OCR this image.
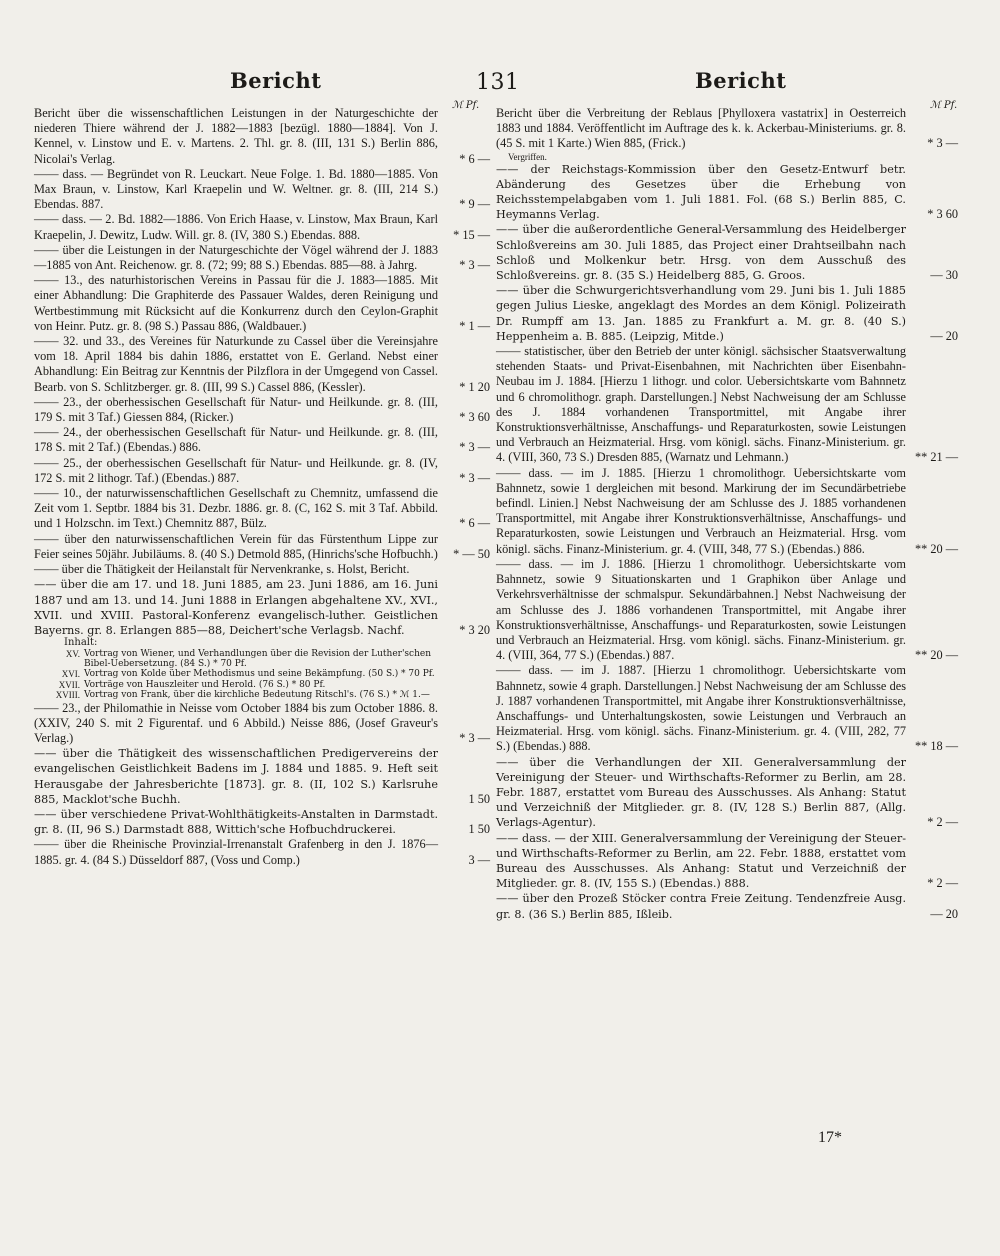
Bericht	131	Bericht
ℳ Pf.	ℳ Pf.
Bericht über die wissenschaftlichen Leistungen in der Naturgeschichte der niederen Thiere während der J. 1882—1883 [bezügl. 1880—1884]. Von J. Kennel, v. Linstow und E. v. Martens. 2. Thl. gr. 8. (III, 131 S.) Berlin 886, Nicolai's Verlag.	* 6 —
—— dass. — Begründet von R. Leuckart. Neue Folge. 1. Bd. 1880—1885. Von Max Braun, v. Linstow, Karl Kraepelin und W. Weltner. gr. 8. (III, 214 S.) Ebendas. 887.	* 9 —
—— dass. — 2. Bd. 1882—1886. Von Erich Haase, v. Linstow, Max Braun, Karl Kraepelin, J. Dewitz, Ludw. Will. gr. 8. (IV, 380 S.) Ebendas. 888.	* 15 —
—— über die Leistungen in der Naturgeschichte der Vögel während der J. 1883—1885 von Ant. Reichenow. gr. 8. (72; 99; 88 S.) Ebendas. 885—88. à Jahrg.	* 3 —
—— 13., des naturhistorischen Vereins in Passau für die J. 1883—1885. Mit einer Abhandlung: Die Graphiterde des Passauer Waldes, deren Reinigung und Wertbestimmung mit Rücksicht auf die Konkurrenz durch den Ceylon-Graphit von Heinr. Putz. gr. 8. (98 S.) Passau 886, (Waldbauer.)	* 1 —
—— 32. und 33., des Vereines für Naturkunde zu Cassel über die Vereinsjahre vom 18. April 1884 bis dahin 1886, erstattet von E. Gerland. Nebst einer Abhandlung: Ein Beitrag zur Kenntnis der Pilzflora in der Umgegend von Cassel. Bearb. von S. Schlitzberger. gr. 8. (III, 99 S.) Cassel 886, (Kessler).	* 1 20
—— 23., der oberhessischen Gesellschaft für Natur- und Heilkunde. gr. 8. (III, 179 S. mit 3 Taf.) Giessen 884, (Ricker.)	* 3 60
—— 24., der oberhessischen Gesellschaft für Natur- und Heilkunde. gr. 8. (III, 178 S. mit 2 Taf.) (Ebendas.) 886.	* 3 —
—— 25., der oberhessischen Gesellschaft für Natur- und Heilkunde. gr. 8. (IV, 172 S. mit 2 lithogr. Taf.) (Ebendas.) 887.	* 3 —
—— 10., der naturwissenschaftlichen Gesellschaft zu Chemnitz, umfassend die Zeit vom 1. Septbr. 1884 bis 31. Dezbr. 1886. gr. 8. (C, 162 S. mit 3 Taf. Abbild. und 1 Holzschn. im Text.) Chemnitz 887, Bülz.	* 6 —
—— über den naturwissenschaftlichen Verein für das Fürstenthum Lippe zur Feier seines 50jähr. Jubiläums. 8. (40 S.) Detmold 885, (Hinrichs'sche Hofbuchh.)	* — 50
—— über die Thätigkeit der Heilanstalt für Nervenkranke, s. Holst, Bericht.
—— über die am 17. und 18. Juni 1885, am 23. Juni 1886, am 16. Juni 1887 und am 13. und 14. Juni 1888 in Erlangen abgehaltene XV., XVI., XVII. und XVIII. Pastoral-Konferenz evangelisch-luther. Geistlichen Bayerns. gr. 8. Erlangen 885—88, Deichert'sche Verlagsb. Nachf.	* 3 20
Inhalt:
XV. Vortrag von Wiener, und Verhandlungen über die Revision der Luther'schen Bibel-Uebersetzung. (84 S.) * 70 Pf.
XVI. Vortrag von Kolde über Methodismus und seine Bekämpfung. (50 S.) * 70 Pf.
XVII. Vorträge von Hauszleiter und Herold. (76 S.) * 80 Pf.
XVIII. Vortrag von Frank, über die kirchliche Bedeutung Ritschl's. (76 S.) * ℳ 1.—
—— 23., der Philomathie in Neisse vom October 1884 bis zum October 1886. 8. (XXIV, 240 S. mit 2 Figurentaf. und 6 Abbild.) Neisse 886, (Josef Graveur's Verlag.)	* 3 —
—— über die Thätigkeit des wissenschaftlichen Predigervereins der evangelischen Geistlichkeit Badens im J. 1884 und 1885. 9. Heft seit Herausgabe der Jahresberichte [1873]. gr. 8. (II, 102 S.) Karlsruhe 885, Macklot'sche Buchh.	1 50
—— über verschiedene Privat-Wohlthätigkeits-Anstalten in Darmstadt. gr. 8. (II, 96 S.) Darmstadt 888, Wittich'sche Hofbuchdruckerei.	1 50
—— über die Rheinische Provinzial-Irrenanstalt Grafenberg in den J. 1876—1885. gr. 4. (84 S.) Düsseldorf 887, (Voss und Comp.)	3 —
Bericht über die Verbreitung der Reblaus [Phylloxera vastatrix] in Oesterreich 1883 und 1884. Veröffentlicht im Auftrage des k. k. Ackerbau-Ministeriums. gr. 8. (45 S. mit 1 Karte.) Wien 885, (Frick.)	* 3 —
Vergriffen.
—— der Reichstags-Kommission über den Gesetz-Entwurf betr. Abänderung des Gesetzes über die Erhebung von Reichsstempelabgaben vom 1. Juli 1881. Fol. (68 S.) Berlin 885, C. Heymanns Verlag.	* 3 60
—— über die außerordentliche General-Versammlung des Heidelberger Schloßvereins am 30. Juli 1885, das Project einer Drahtseilbahn nach Schloß und Molkenkur betr. Hrsg. von dem Ausschuß des Schloßvereins. gr. 8. (35 S.) Heidelberg 885, G. Groos.	— 30
—— über die Schwurgerichtsverhandlung vom 29. Juni bis 1. Juli 1885 gegen Julius Lieske, angeklagt des Mordes an dem Königl. Polizeirath Dr. Rumpff am 13. Jan. 1885 zu Frankfurt a. M. gr. 8. (40 S.) Heppenheim a. B. 885. (Leipzig, Mitde.)	— 20
—— statistischer, über den Betrieb der unter königl. sächsischer Staatsverwaltung stehenden Staats- und Privat-Eisenbahnen, mit Nachrichten über Eisenbahn-Neubau im J. 1884. [Hierzu 1 lithogr. und color. Uebersichtskarte vom Bahnnetz und 6 chromolithogr. graph. Darstellungen.] Nebst Nachweisung der am Schlusse des J. 1884 vorhandenen Transportmittel, mit Angabe ihrer Konstruktionsverhältnisse, Anschaffungs- und Reparaturkosten, sowie Leistungen und Verbrauch an Heizmaterial. Hrsg. vom königl. sächs. Finanz-Ministerium. gr. 4. (VIII, 360, 73 S.) Dresden 885, (Warnatz und Lehmann.)	** 21 —
—— dass. — im J. 1885. [Hierzu 1 chromolithogr. Uebersichtskarte vom Bahnnetz, sowie 1 dergleichen mit besond. Markirung der im Secundärbetriebe befindl. Linien.] Nebst Nachweisung der am Schlusse des J. 1885 vorhandenen Transportmittel, mit Angabe ihrer Konstruktionsverhältnisse, Anschaffungs- und Reparaturkosten, sowie Leistungen und Verbrauch an Heizmaterial. Hrsg. vom königl. sächs. Finanz-Ministerium. gr. 4. (VIII, 348, 77 S.) (Ebendas.) 886.	** 20 —
—— dass. — im J. 1886. [Hierzu 1 chromolithogr. Uebersichtskarte vom Bahnnetz, sowie 9 Situationskarten und 1 Graphikon über Anlage und Verkehrsverhältnisse der schmalspur. Sekundärbahnen.] Nebst Nachweisung der am Schlusse des J. 1886 vorhandenen Transportmittel, mit Angabe ihrer Konstruktionsverhältnisse, Anschaffungs- und Reparaturkosten, sowie Leistungen und Verbrauch an Heizmaterial. Hrsg. vom königl. sächs. Finanz-Ministerium. gr. 4. (VIII, 364, 77 S.) (Ebendas.) 887.	** 20 —
—— dass. — im J. 1887. [Hierzu 1 chromolithogr. Uebersichtskarte vom Bahnnetz, sowie 4 graph. Darstellungen.] Nebst Nachweisung der am Schlusse des J. 1887 vorhandenen Transportmittel, mit Angabe ihrer Konstruktionsverhältnisse, Anschaffungs- und Unterhaltungskosten, sowie Leistungen und Verbrauch an Heizmaterial. Hrsg. vom königl. sächs. Finanz-Ministerium. gr. 4. (VIII, 282, 77 S.) (Ebendas.) 888.	** 18 —
—— über die Verhandlungen der XII. Generalversammlung der Vereinigung der Steuer- und Wirthschafts-Reformer zu Berlin, am 28. Febr. 1887, erstattet vom Bureau des Ausschusses. Als Anhang: Statut und Verzeichniß der Mitglieder. gr. 8. (IV, 128 S.) Berlin 887, (Allg. Verlags-Agentur).	* 2 —
—— dass. — der XIII. Generalversammlung der Vereinigung der Steuer- und Wirthschafts-Reformer zu Berlin, am 22. Febr. 1888, erstattet vom Bureau des Ausschusses. Als Anhang: Statut und Verzeichniß der Mitglieder. gr. 8. (IV, 155 S.) (Ebendas.) 888.	* 2 —
—— über den Prozeß Stöcker contra Freie Zeitung. Tendenzfreie Ausg. gr. 8. (36 S.) Berlin 885, Ißleib.	— 20
17*
